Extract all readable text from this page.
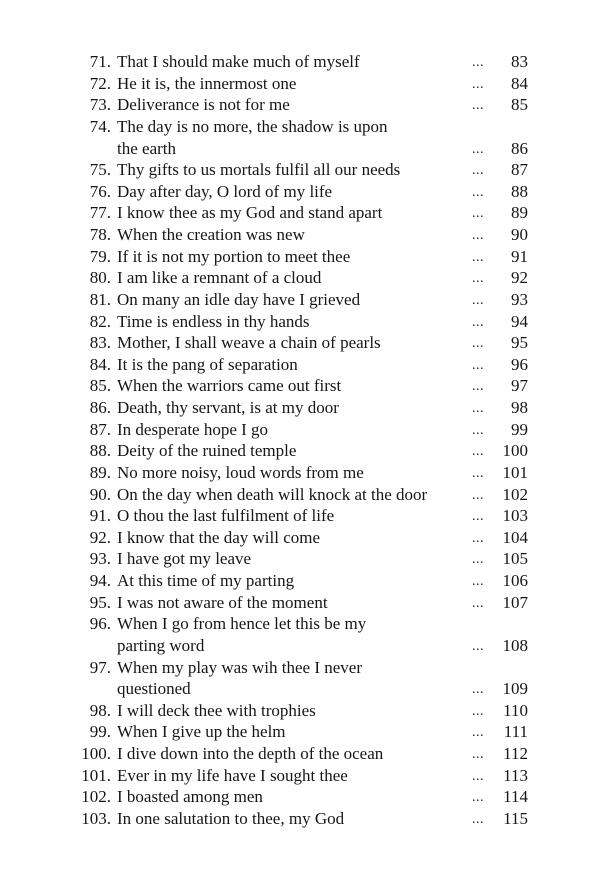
71. That I should make much of myself	... 83
72. He it is, the innermost one	... 84
73. Deliverance is not for me	... 85
74. The day is no more, the shadow is upon
the earth	... 86
75. Thy gifts to us mortals fulfil all our needs	... 87
76. Day after day, O lord of my life	... 88
77. I know thee as my God and stand apart	... 89
78. When the creation was new	... 90
79. If it is not my portion to meet thee	... 91
80. I am like a remnant of a cloud	... 92
81. On many an idle day have I grieved	... 93
82. Time is endless in thy hands	... 94
83. Mother, I shall weave a chain of pearls	... 95
84. It is the pang of separation	... 96
85. When the warriors came out first	... 97
86. Death, thy servant, is at my door	... 98
87. In desperate hope I go	... 99
88. Deity of the ruined temple	... 100
89. No more noisy, loud words from me	... 101
90. On the day when death will knock at the door	... 102
91. O thou the last fulfilment of life	... 103
92. I know that the day will come	... 104
93. I have got my leave	... 105
94. At this time of my parting	... 106
95. I was not aware of the moment	... 107
96. When I go from hence let this be my
parting word	... 108
97. When my play was wih thee I never
questioned	... 109
98. I will deck thee with trophies	... 110
99. When I give up the helm	... 111
100. I dive down into the depth of the ocean	... 112
101. Ever in my life have I sought thee	... 113
102. I boasted among men	... 114
103. In one salutation to thee, my God	... 115
